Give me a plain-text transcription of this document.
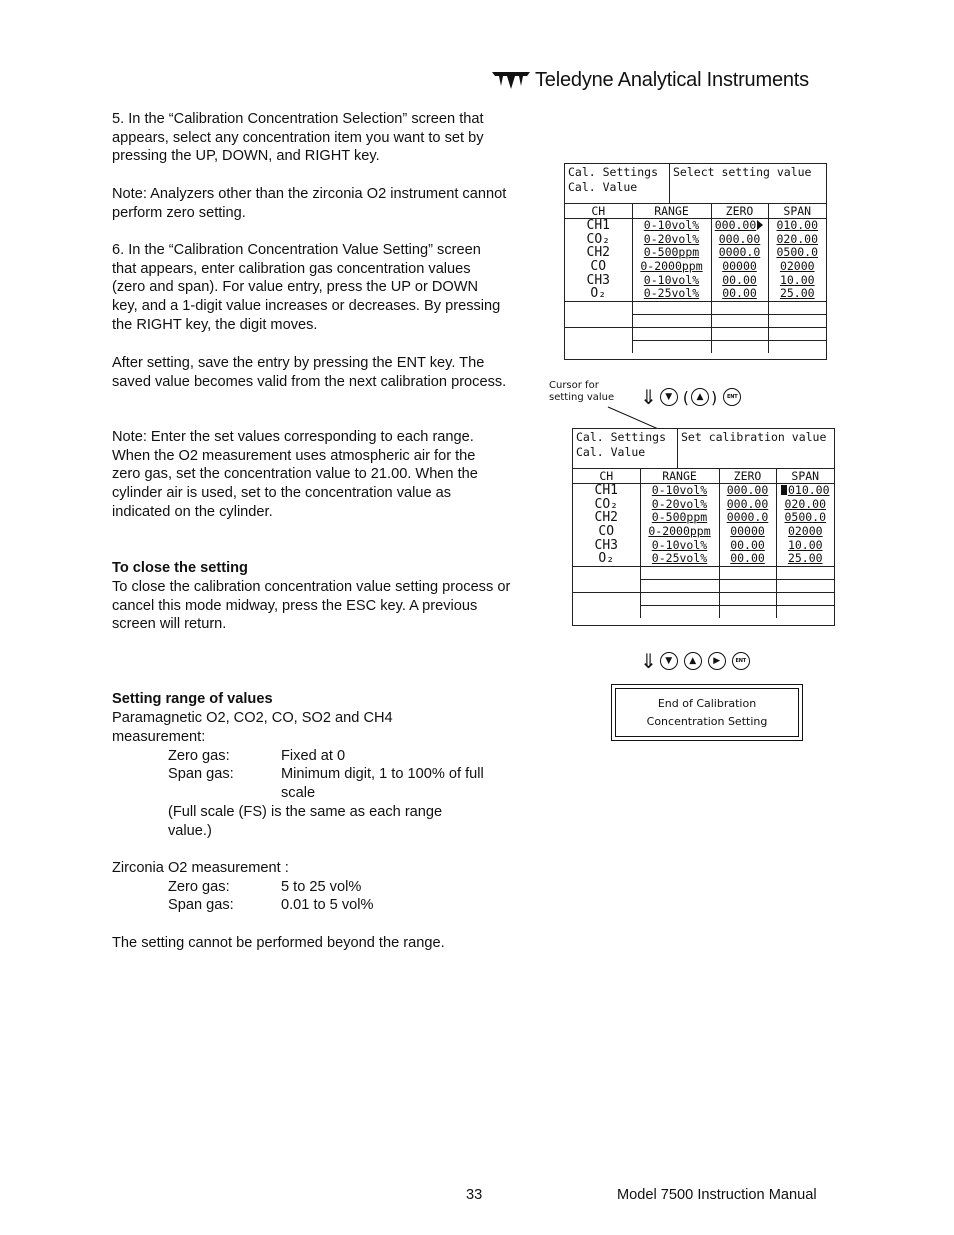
Teledyne Analytical Instruments

5. In the “Calibration Concentration Selection” screen that appears, select any concentration item you want to set by pressing the UP, DOWN, and RIGHT key.

Note: Analyzers other than the zirconia O2 instrument cannot perform zero setting.

6. In the “Calibration Concentration Value Setting” screen that appears, enter calibration gas concentration values (zero and span). For value entry, press the UP or DOWN key, and a 1-digit value increases or decreases. By pressing the RIGHT key, the digit moves.

After setting, save the entry by pressing the ENT key. The saved value becomes valid from the next calibration process.

Note: Enter the set values corresponding to each range. When the O2 measurement uses atmospheric air for the zero gas, set the concentration value to 21.00. When the cylinder air is used, set to the concentration value as indicated on the cylinder.

To close the setting

To close the calibration concentration value setting process or cancel this mode midway, press the ESC key. A previous screen will return.

Setting range of values

Paramagnetic O2, CO2, CO, SO2 and CH4 measurement:

Zero gas:	Fixed at 0
Span gas:	Minimum digit, 1 to 100% of full scale

(Full scale (FS) is the same as each range value.)

Zirconia O2 measurement :

Zero gas:	5 to 25 vol%
Span gas:	0.01 to 5 vol%

The setting cannot be performed beyond the range.

Cal. Settings
Cal. Value
Select setting value
CH	RANGE	ZERO	SPAN
CH1	0-10vol%	000.00	010.00
CO₂	0-20vol%	000.00	020.00
CH2	0-500ppm	0000.0	0500.0
CO	0-2000ppm	00000	02000
CH3	0-10vol%	00.00	10.00
O₂	0-25vol%	00.00	25.00

Cursor for setting value ⇓ ▼ ( ▲ ) ENT
Cal. Settings
Cal. Value
Set calibration value
CH	RANGE	ZERO	SPAN
CH1	0-10vol%	000.00	010.00
CO₂	0-20vol%	000.00	020.00
CH2	0-500ppm	0000.0	0500.0
CO	0-2000ppm	00000	02000
CH3	0-10vol%	00.00	10.00
O₂	0-25vol%	00.00	25.00

⇓ ▼ ▲ ▶	ENT
End of Calibration
Concentration Setting
33	Model 7500 Instruction Manual
